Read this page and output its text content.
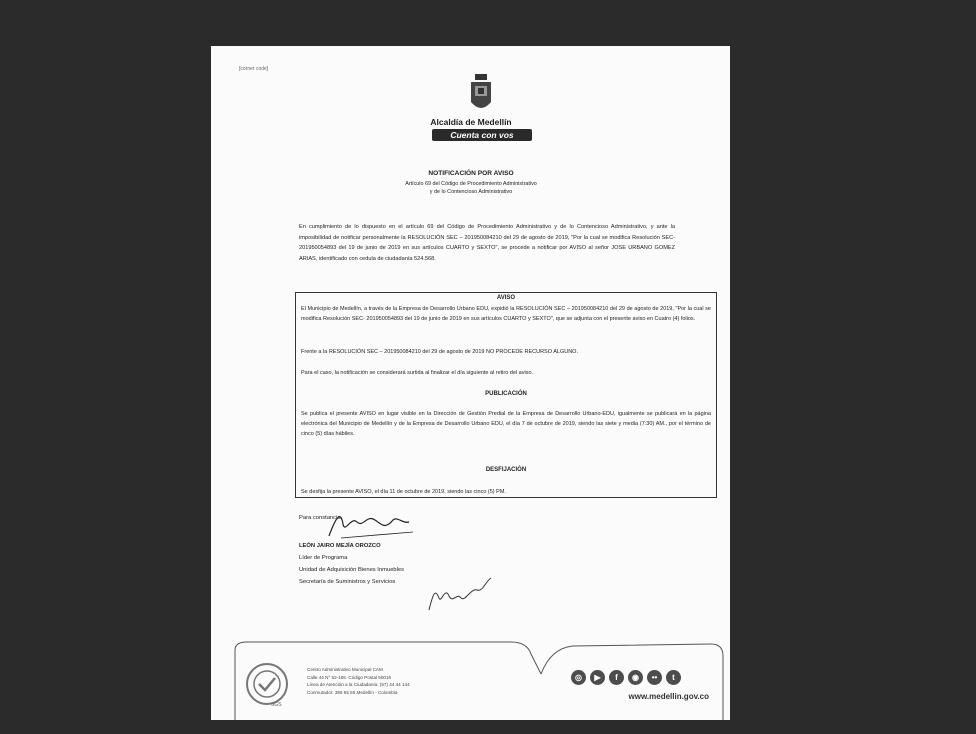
[corner code]
Alcaldía de Medellín
Cuenta con vos
NOTIFICACIÓN POR AVISO
Artículo 69 del Código de Procedimiento Administrativo
y de lo Contencioso Administrativo
En cumplimiento de lo dispuesto en el artículo 69 del Código de Procedimiento Administrativo y de lo Contencioso Administrativo, y ante la imposibilidad de notificar personalmente la RESOLUCIÓN SEC – 201950084210 del 29 de agosto de 2019, "Por la cual se modifica Resolución SEC- 201950054893 del 19 de junio de 2019 en sus artículos CUARTO y SEXTO", se procede a notificar por AVISO al señor JOSE URBANO GOMEZ ARIAS, identificado con cedula de ciudadanía 524.568.
AVISO
El Municipio de Medellín, a través de la Empresa de Desarrollo Urbano EDU, expidió la RESOLUCIÓN SEC – 201950084210 del 29 de agosto de 2019, "Por la cual se modifica Resolución SEC- 201950054893 del 19 de junio de 2019 en sus artículos CUARTO y SEXTO", que se adjunta con el presente aviso en Cuatro (4) folios.
Frente a la RESOLUCIÓN SEC – 201950084210 del 29 de agosto de 2019 NO PROCEDE RECURSO ALGUNO.
Para el caso, la notificación se considerará surtida al finalizar el día siguiente al retiro del aviso.
PUBLICACIÓN
Se publica el presente AVISO en lugar visible en la Dirección de Gestión Predial de la Empresa de Desarrollo Urbano-EDU, igualmente se publicará en la página electrónica del Municipio de Medellín y de la Empresa de Desarrollo Urbano EDU, el día 7 de octubre de 2019, siendo las siete y media (7:30) AM., por el término de cinco (5) días hábiles.
DESFIJACIÓN
Se desfija la presente AVISO, el día 11 de octubre de 2019, siendo las cinco (5) PM.
Para constancia,
LEÓN JAIRO MEJÍA OROZCO
Líder de Programa
Unidad de Adquisición Bienes Inmuebles
Secretaría de Suministros y Servicios
SGS
Centro Administrativo Municipal CAM
Calle 44 N° 52-165. Código Postal 50015
Línea de Atención a la Ciudadanía: (57) 44 44 144
Conmutador: 385 55 55 Medellín - Colombia
◎	▶	f	◉	••	t
www.medellin.gov.co
